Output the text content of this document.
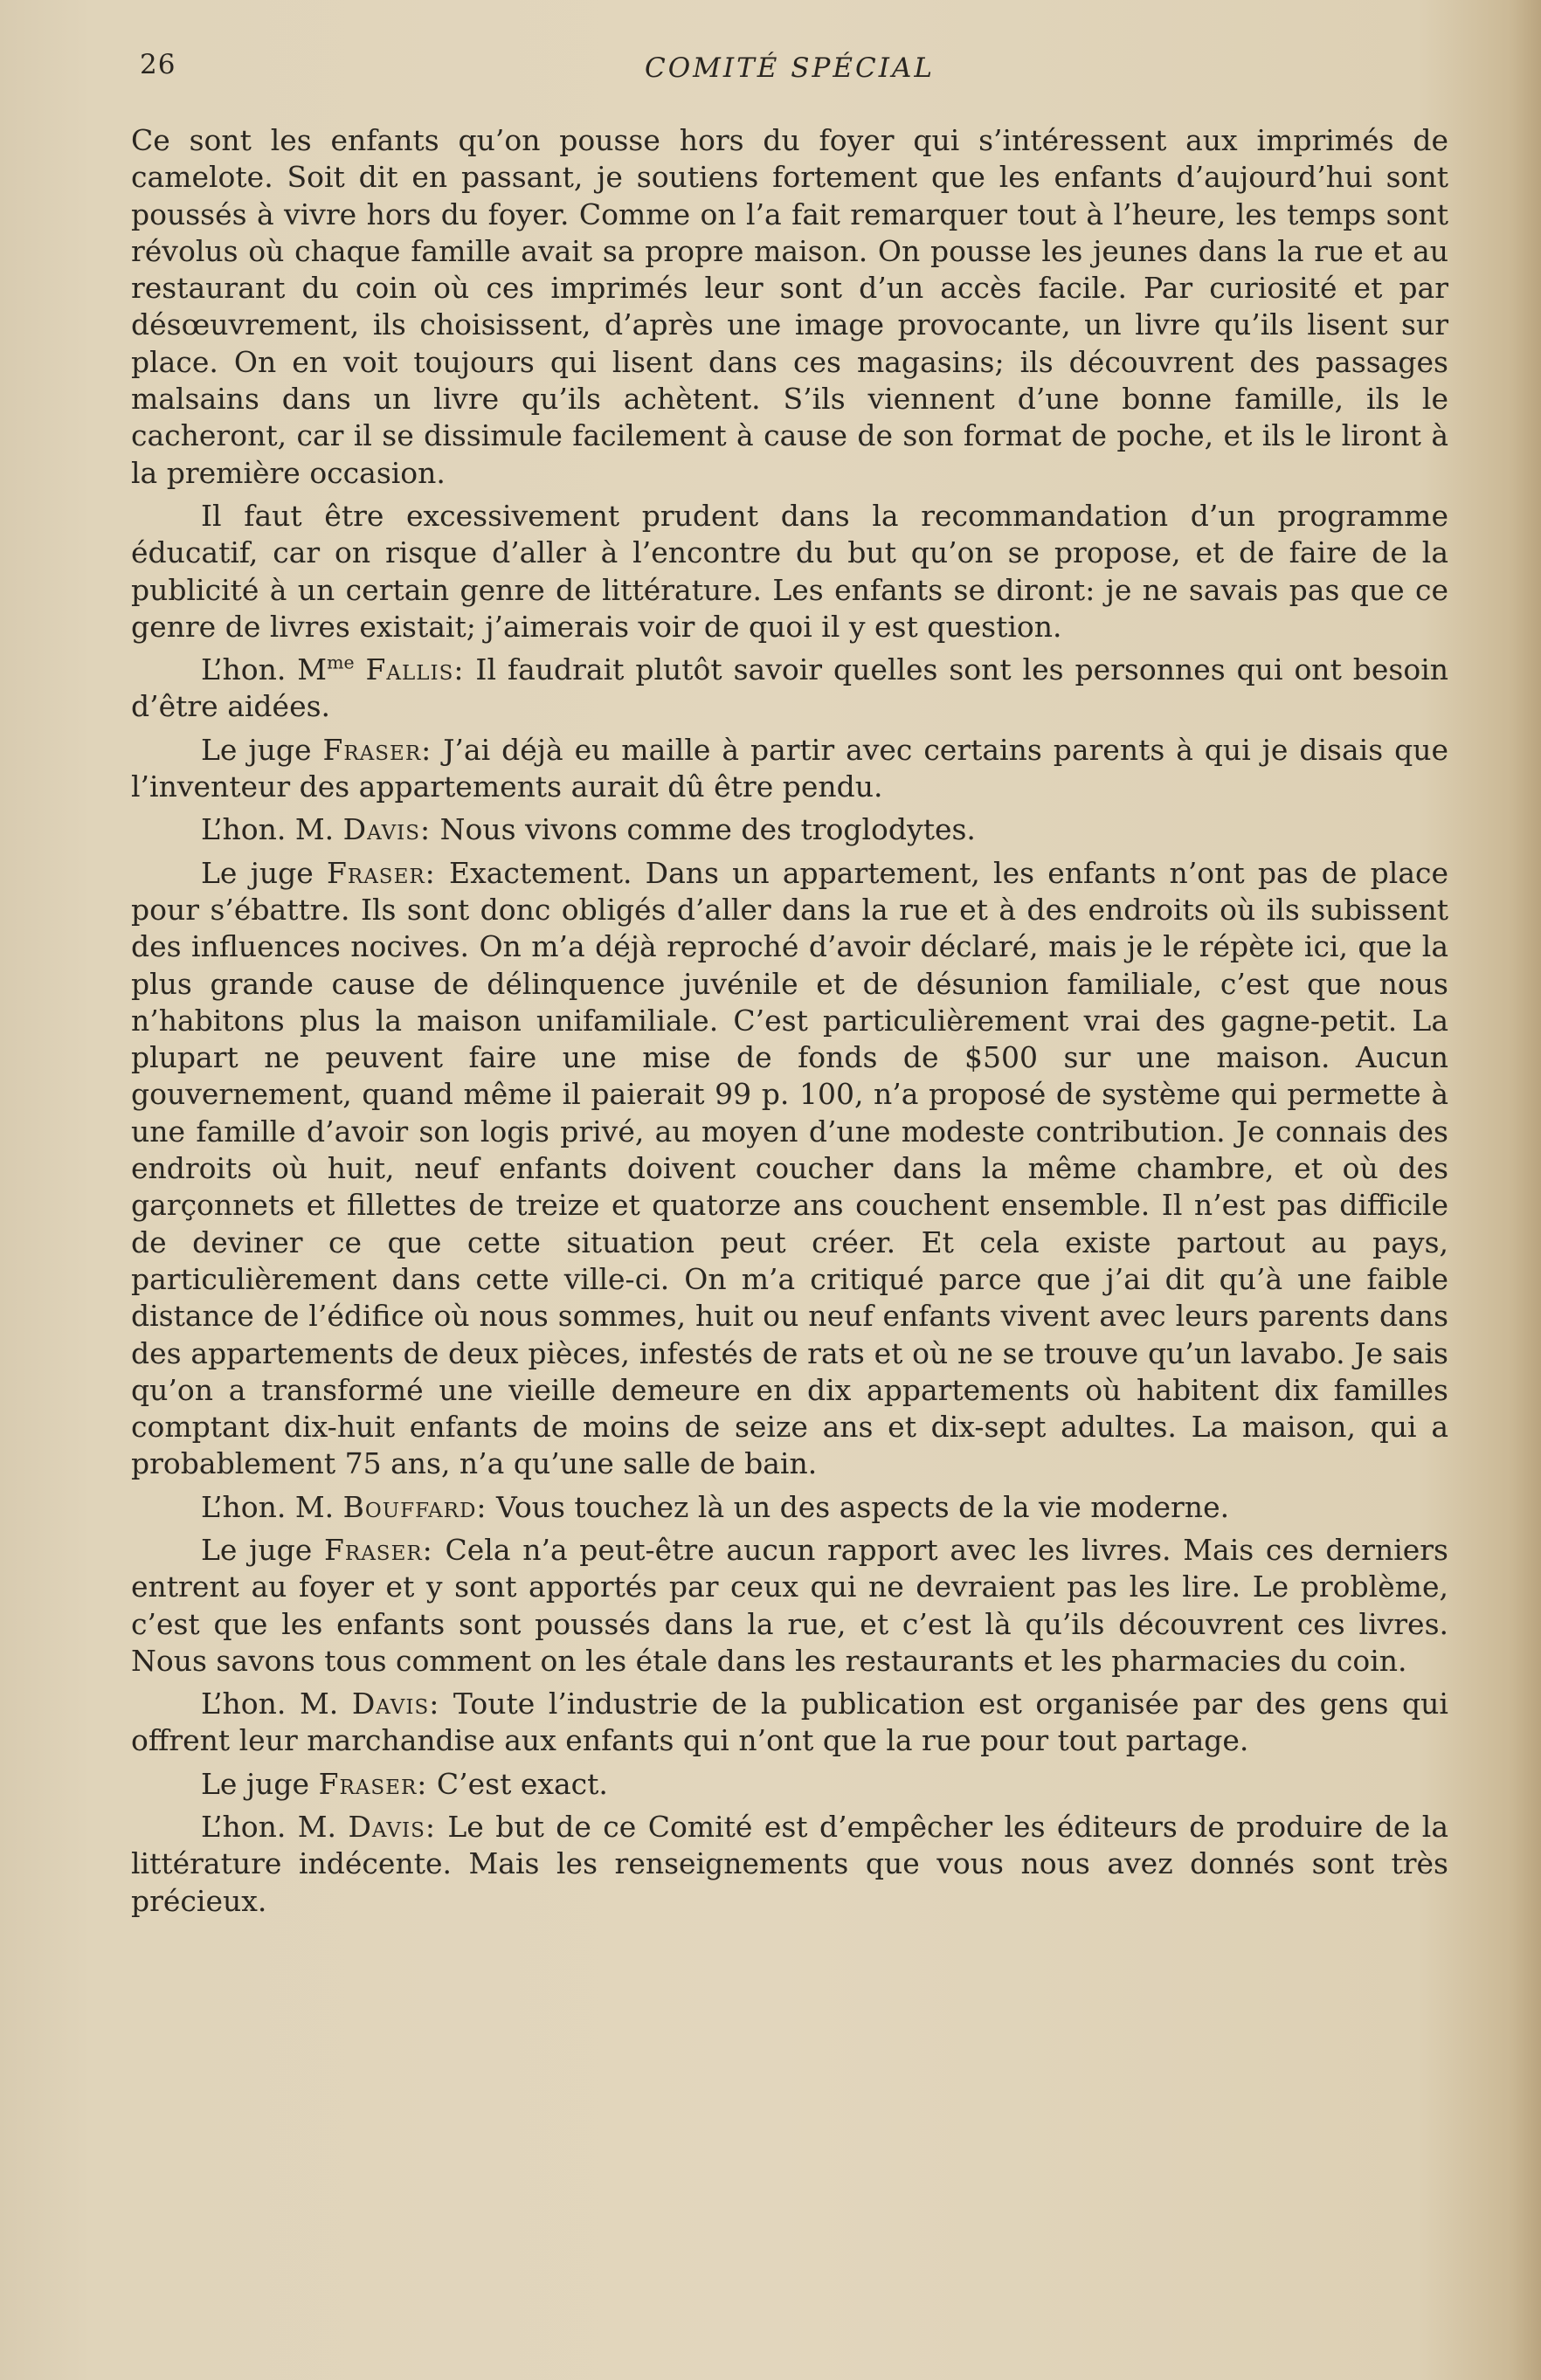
26	COMITÉ SPÉCIAL

Ce sont les enfants qu’on pousse hors du foyer qui s’intéressent aux imprimés de camelote. Soit dit en passant, je soutiens fortement que les enfants d’aujourd’hui sont poussés à vivre hors du foyer. Comme on l’a fait remarquer tout à l’heure, les temps sont révolus où chaque famille avait sa propre maison. On pousse les jeunes dans la rue et au restaurant du coin où ces imprimés leur sont d’un accès facile. Par curiosité et par désœuvrement, ils choisissent, d’après une image provocante, un livre qu’ils lisent sur place. On en voit toujours qui lisent dans ces magasins; ils découvrent des passages malsains dans un livre qu’ils achètent. S’ils viennent d’une bonne famille, ils le cacheront, car il se dissimule facilement à cause de son format de poche, et ils le liront à la première occasion.

Il faut être excessivement prudent dans la recommandation d’un programme éducatif, car on risque d’aller à l’encontre du but qu’on se propose, et de faire de la publicité à un certain genre de littérature. Les enfants se diront: je ne savais pas que ce genre de livres existait; j’aimerais voir de quoi il y est question.

L’hon. $M^{me}$ Fallis: Il faudrait plutôt savoir quelles sont les personnes qui ont besoin d’être aidées.

Le juge Fraser: J’ai déjà eu maille à partir avec certains parents à qui je disais que l’inventeur des appartements aurait dû être pendu.

L’hon. M. Davis: Nous vivons comme des troglodytes.

Le juge Fraser: Exactement. Dans un appartement, les enfants n’ont pas de place pour s’ébattre. Ils sont donc obligés d’aller dans la rue et à des endroits où ils subissent des influences nocives. On m’a déjà reproché d’avoir déclaré, mais je le répète ici, que la plus grande cause de délinquence juvénile et de désunion familiale, c’est que nous n’habitons plus la maison unifamiliale. C’est particulièrement vrai des gagne-petit. La plupart ne peuvent faire une mise de fonds de $500 sur une maison. Aucun gouvernement, quand même il paierait 99 p. 100, n’a proposé de système qui permette à une famille d’avoir son logis privé, au moyen d’une modeste contribution. Je connais des endroits où huit, neuf enfants doivent coucher dans la même chambre, et où des garçonnets et fillettes de treize et quatorze ans couchent ensemble. Il n’est pas difficile de deviner ce que cette situation peut créer. Et cela existe partout au pays, particulièrement dans cette ville-ci. On m’a critiqué parce que j’ai dit qu’à une faible distance de l’édifice où nous sommes, huit ou neuf enfants vivent avec leurs parents dans des appartements de deux pièces, infestés de rats et où ne se trouve qu’un lavabo. Je sais qu’on a transformé une vieille demeure en dix appartements où habitent dix familles comptant dix-huit enfants de moins de seize ans et dix-sept adultes. La maison, qui a probablement 75 ans, n’a qu’une salle de bain.

L’hon. M. Bouffard: Vous touchez là un des aspects de la vie moderne.

Le juge Fraser: Cela n’a peut-être aucun rapport avec les livres. Mais ces derniers entrent au foyer et y sont apportés par ceux qui ne devraient pas les lire. Le problème, c’est que les enfants sont poussés dans la rue, et c’est là qu’ils découvrent ces livres. Nous savons tous comment on les étale dans les restaurants et les pharmacies du coin.

L’hon. M. Davis: Toute l’industrie de la publication est organisée par des gens qui offrent leur marchandise aux enfants qui n’ont que la rue pour tout partage.

Le juge Fraser: C’est exact.

L’hon. M. Davis: Le but de ce Comité est d’empêcher les éditeurs de produire de la littérature indécente. Mais les renseignements que vous nous avez donnés sont très précieux.
